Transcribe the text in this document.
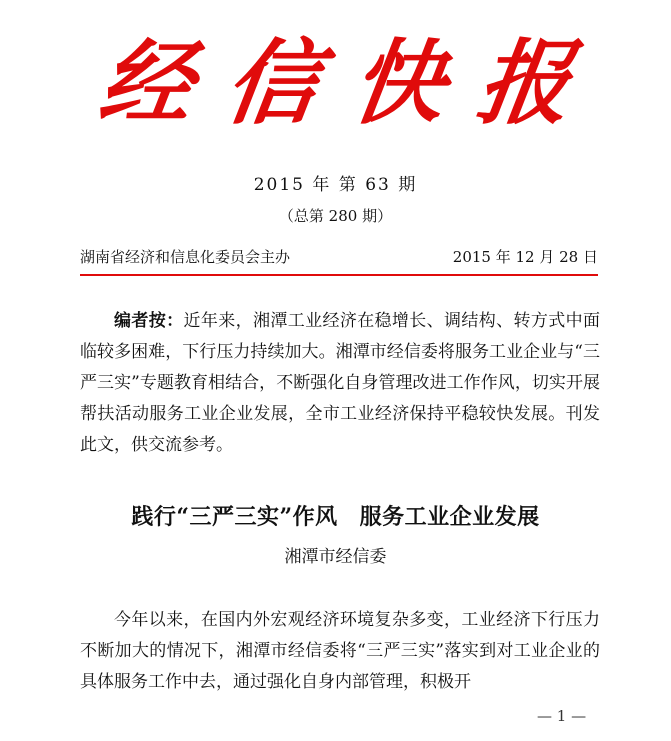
经信快报
2015 年 第 63 期
（总第 280 期）
湖南省经济和信息化委员会主办	2015 年 12 月 28 日
编者按：近年来，湘潭工业经济在稳增长、调结构、转方式中面临较多困难，下行压力持续加大。湘潭市经信委将服务工业企业与“三严三实”专题教育相结合，不断强化自身管理改进工作作风，切实开展帮扶活动服务工业企业发展，全市工业经济保持平稳较快发展。刊发此文，供交流参考。
践行“三严三实”作风 服务工业企业发展
湘潭市经信委
今年以来，在国内外宏观经济环境复杂多变，工业经济下行压力不断加大的情况下，湘潭市经信委将“三严三实”落实到对工业企业的具体服务工作中去，通过强化自身内部管理，积极开
— 1 —
